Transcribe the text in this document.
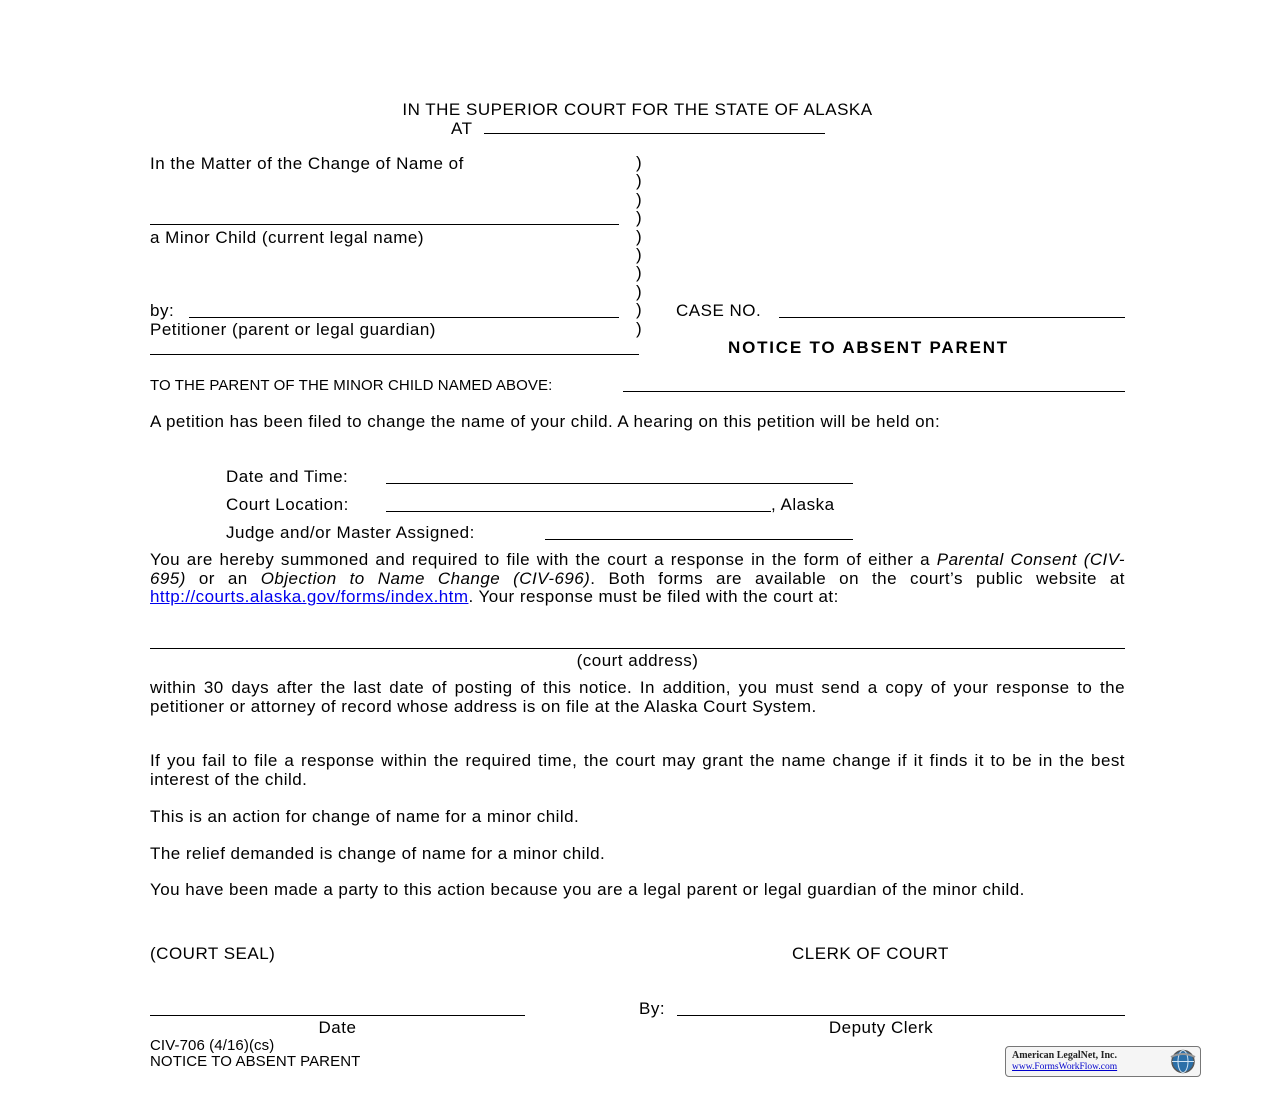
IN THE SUPERIOR COURT FOR THE STATE OF ALASKA
AT
In the Matter of the Change of Name of
a Minor Child (current legal name)
by:
Petitioner (parent or legal guardian)
)
)
)
)
)
)
)
)
)
)
CASE NO.
NOTICE TO ABSENT PARENT
TO THE PARENT OF THE MINOR CHILD NAMED ABOVE:
A petition has been filed to change the name of your child. A hearing on this petition will be held on:
Date and Time:
Court Location:	, Alaska
Judge and/or Master Assigned:
You are hereby summoned and required to file with the court a response in the form of either a Parental Consent (CIV-695) or an Objection to Name Change (CIV-696). Both forms are available on the court’s public website at http://courts.alaska.gov/forms/index.htm. Your response must be filed with the court at:
(court address)
within 30 days after the last date of posting of this notice. In addition, you must send a copy of your response to the petitioner or attorney of record whose address is on file at the Alaska Court System.
If you fail to file a response within the required time, the court may grant the name change if it finds it to be in the best interest of the child.
This is an action for change of name for a minor child.
The relief demanded is change of name for a minor child.
You have been made a party to this action because you are a legal parent or legal guardian of the minor child.
(COURT SEAL)	CLERK OF COURT
By:
Date	Deputy Clerk
CIV-706 (4/16)(cs)
NOTICE TO ABSENT PARENT	American LegalNet, Inc.
www.FormsWorkFlow.com
